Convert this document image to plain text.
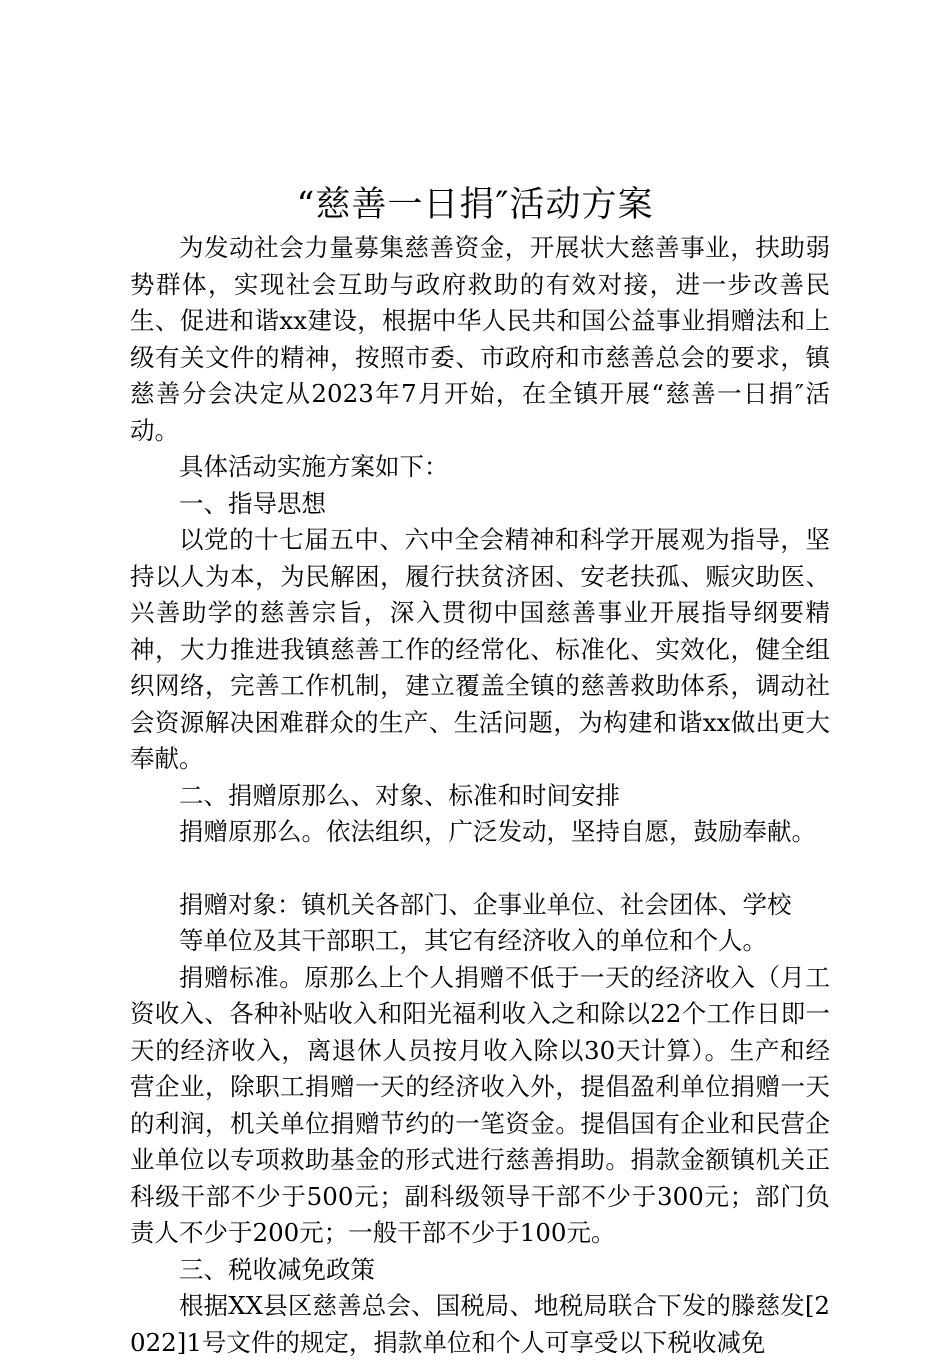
“慈善一日捐″活动方案

为发动社会力量募集慈善资金，开展状大慈善事业，扶助弱势群体，实现社会互助与政府救助的有效对接，进一步改善民生、促进和谐xx建设，根据中华人民共和国公益事业捐赠法和上级有关文件的精神，按照市委、市政府和市慈善总会的要求，镇慈善分会决定从2023年7月开始，在全镇开展“慈善一日捐″活动。

具体活动实施方案如下：

一、指导思想

以党的十七届五中、六中全会精神和科学开展观为指导，坚持以人为本，为民解困，履行扶贫济困、安老扶孤、赈灾助医、兴善助学的慈善宗旨，深入贯彻中国慈善事业开展指导纲要精神，大力推进我镇慈善工作的经常化、标准化、实效化，健全组织网络，完善工作机制，建立覆盖全镇的慈善救助体系，调动社会资源解决困难群众的生产、生活问题，为构建和谐xx做出更大奉献。

二、捐赠原那么、对象、标准和时间安排

捐赠原那么。依法组织，广泛发动，坚持自愿，鼓励奉献。

捐赠对象：镇机关各部门、企事业单位、社会团体、学校

等单位及其干部职工，其它有经济收入的单位和个人。

捐赠标准。原那么上个人捐赠不低于一天的经济收入（月工资收入、各种补贴收入和阳光福利收入之和除以22个工作日即一天的经济收入，离退休人员按月收入除以30天计算）。生产和经营企业，除职工捐赠一天的经济收入外，提倡盈利单位捐赠一天的利润，机关单位捐赠节约的一笔资金。提倡国有企业和民营企业单位以专项救助基金的形式进行慈善捐助。捐款金额镇机关正科级干部不少于500元；副科级领导干部不少于300元；部门负责人不少于200元；一般干部不少于100元。

三、税收减免政策

根据XX县区慈善总会、国税局、地税局联合下发的滕慈发[2022]1号文件的规定，捐款单位和个人可享受以下税收减免
